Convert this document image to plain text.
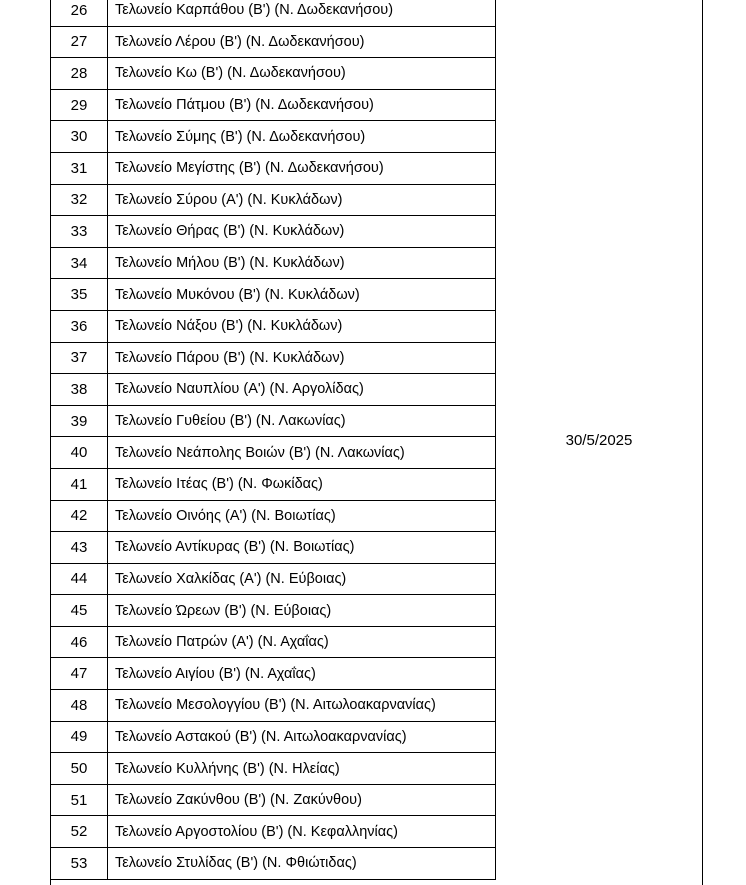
26	Τελωνείο Καρπάθου (Β') (Ν. Δωδεκανήσου)
27	Τελωνείο Λέρου (Β') (Ν. Δωδεκανήσου)
28	Τελωνείο Κω (Β') (Ν. Δωδεκανήσου)
29	Τελωνείο Πάτμου (Β') (Ν. Δωδεκανήσου)
30	Τελωνείο Σύμης (Β') (Ν. Δωδεκανήσου)
31	Τελωνείο Μεγίστης (Β') (Ν. Δωδεκανήσου)
32	Τελωνείο Σύρου (Α') (Ν. Κυκλάδων)
33	Τελωνείο Θήρας (Β') (Ν. Κυκλάδων)
34	Τελωνείο Μήλου (Β') (Ν. Κυκλάδων)
35	Τελωνείο Μυκόνου (Β') (Ν. Κυκλάδων)
36	Τελωνείο Νάξου (Β') (Ν. Κυκλάδων)
37	Τελωνείο Πάρου (Β') (Ν. Κυκλάδων)
38	Τελωνείο Ναυπλίου (Α') (Ν. Αργολίδας)
39	Τελωνείο Γυθείου (Β') (Ν. Λακωνίας)
40	Τελωνείο Νεάπολης Βοιών (Β') (Ν. Λακωνίας)
41	Τελωνείο Ιτέας (Β') (Ν. Φωκίδας)
42	Τελωνείο Οινόης (Α') (Ν. Βοιωτίας)
43	Τελωνείο Αντίκυρας (Β') (Ν. Βοιωτίας)
44	Τελωνείο Χαλκίδας (Α') (Ν. Εύβοιας)
45	Τελωνείο Ώρεων (Β') (Ν. Εύβοιας)
46	Τελωνείο Πατρών (Α') (Ν. Αχαΐας)
47	Τελωνείο Αιγίου (Β') (Ν. Αχαΐας)
48	Τελωνείο Μεσολογγίου (Β') (Ν. Αιτωλοακαρνανίας)
49	Τελωνείο Αστακού (Β') (Ν. Αιτωλοακαρνανίας)
50	Τελωνείο Κυλλήνης (Β') (Ν. Ηλείας)
51	Τελωνείο Ζακύνθου (Β') (Ν. Ζακύνθου)
52	Τελωνείο Αργοστολίου (Β') (Ν. Κεφαλληνίας)
53	Τελωνείο Στυλίδας (Β') (Ν. Φθιώτιδας)
30/5/2025
